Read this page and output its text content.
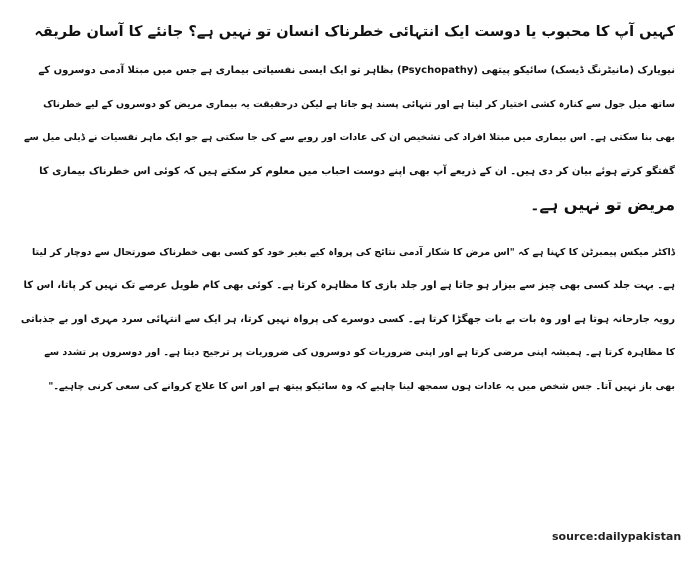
کہیں آپ کا محبوب یا دوست ایک انتہائی خطرناک انسان تو نہیں ہے؟ جانئے کا آسان طریقہ

نیویارک (مانیٹرنگ ڈیسک) سائیکو پیتھی (Psychopathy) بظاہر تو ایک ایسی نفسیاتی بیماری ہے جس میں مبتلا آدمی دوسروں کے
ساتھ میل جول سے کنارہ کشی اختیار کر لیتا ہے اور تنہائی پسند ہو جاتا ہے لیکن درحقیقت یہ بیماری مریض کو دوسروں کے لیے خطرناک
بھی بنا سکتی ہے۔ اس بیماری میں مبتلا افراد کی تشخیص ان کی عادات اور رویے سے کی جا سکتی ہے جو ایک ماہر نفسیات نے ڈیلی میل سے
گفتگو کرتے ہوئے بیان کر دی ہیں۔ ان کے ذریعے آپ بھی اپنے دوست احباب میں معلوم کر سکتے ہیں کہ کوئی اس خطرناک بیماری کا
مریض تو نہیں ہے۔

ڈاکٹر میکس پیمبرٹن کا کہنا ہے کہ "اس مرض کا شکار آدمی نتائج کی پرواہ کیے بغیر خود کو کسی بھی خطرناک صورتحال سے دوچار کر لیتا
ہے۔ بہت جلد کسی بھی چیز سے بیزار ہو جاتا ہے اور جلد بازی کا مظاہرہ کرتا ہے۔ کوئی بھی کام طویل عرصے تک نہیں کر پاتا، اس کا
رویہ جارحانہ ہوتا ہے اور وہ بات بے بات جھگڑا کرتا ہے۔ کسی دوسرے کی پرواہ نہیں کرتا، ہر ایک سے انتہائی سرد مہری اور بے جذباتی
کا مظاہرہ کرتا ہے۔ ہمیشہ اپنی مرضی کرتا ہے اور اپنی ضروریات کو دوسروں کی ضروریات پر ترجیح دیتا ہے۔ اور دوسروں پر تشدد سے
بھی باز نہیں آتا۔ جس شخص میں یہ عادات ہوں سمجھ لینا چاہیے کہ وہ سائیکو پیتھ ہے اور اس کا علاج کروانے کی سعی کرنی چاہیے۔"

source:dailypakistan
